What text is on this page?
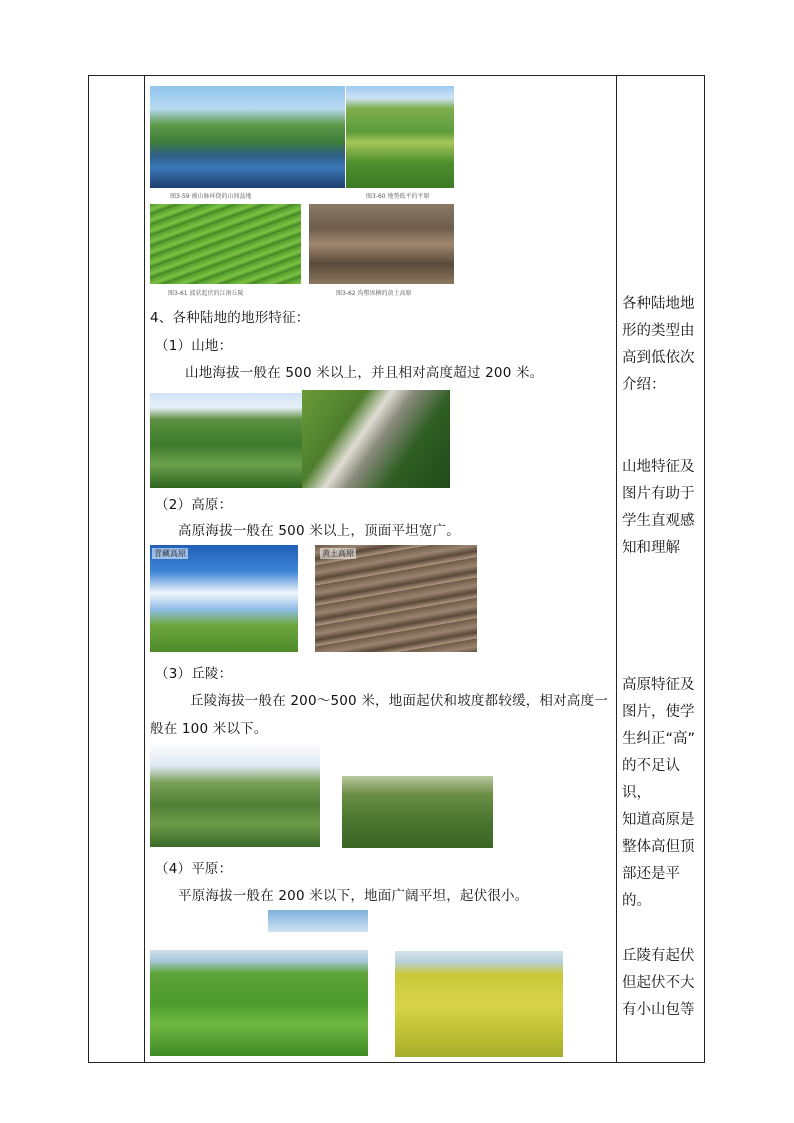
图3-59 被山脉环绕的山间盆地	图3-60 地势低平的平原
图3-61 波状起伏的江南丘陵	图3-62 沟壑纵横的黄土高原
4、各种陆地的地形特征：
（1）山地：
山地海拔一般在 500 米以上，并且相对高度超过 200 米。
（2）高原：
高原海拔一般在 500 米以上，顶面平坦宽广。
青藏高原	黄土高原
（3）丘陵：
丘陵海拔一般在 200～500 米，地面起伏和坡度都较缓，相对高度一
般在 100 米以下。
（4）平原：
平原海拔一般在 200 米以下，地面广阔平坦，起伏很小。
各种陆地地
形的类型由
高到低依次
介绍：
山地特征及
图片有助于
学生直观感
知和理解
高原特征及
图片，使学
生纠正“高”
的不足认识，
知道高原是
整体高但顶
部还是平的。
丘陵有起伏
但起伏不大
有小山包等
